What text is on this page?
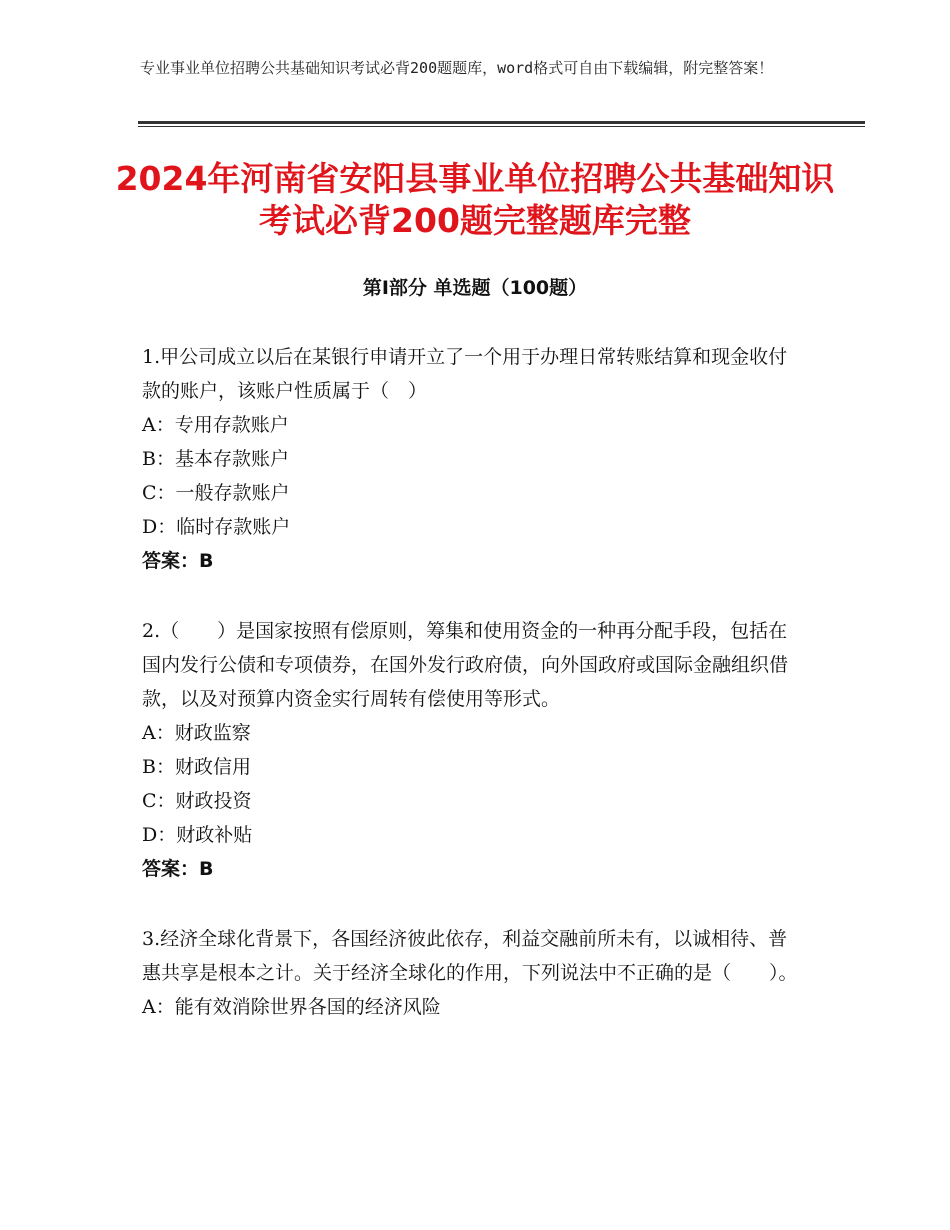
专业事业单位招聘公共基础知识考试必背200题题库，word格式可自由下载编辑，附完整答案！
2024年河南省安阳县事业单位招聘公共基础知识考试必背200题完整题库完整
第Ⅰ部分 单选题（100题）

1.甲公司成立以后在某银行申请开立了一个用于办理日常转账结算和现金收付款的账户，该账户性质属于（　）

A：专用存款账户

B：基本存款账户

C：一般存款账户

D：临时存款账户

答案：B

2.（　　）是国家按照有偿原则，筹集和使用资金的一种再分配手段，包括在国内发行公债和专项债券，在国外发行政府债，向外国政府或国际金融组织借款，以及对预算内资金实行周转有偿使用等形式。

A：财政监察

B：财政信用

C：财政投资

D：财政补贴

答案：B

3.经济全球化背景下，各国经济彼此依存，利益交融前所未有，以诚相待、普惠共享是根本之计。关于经济全球化的作用，下列说法中不正确的是（　　）。

A：能有效消除世界各国的经济风险
